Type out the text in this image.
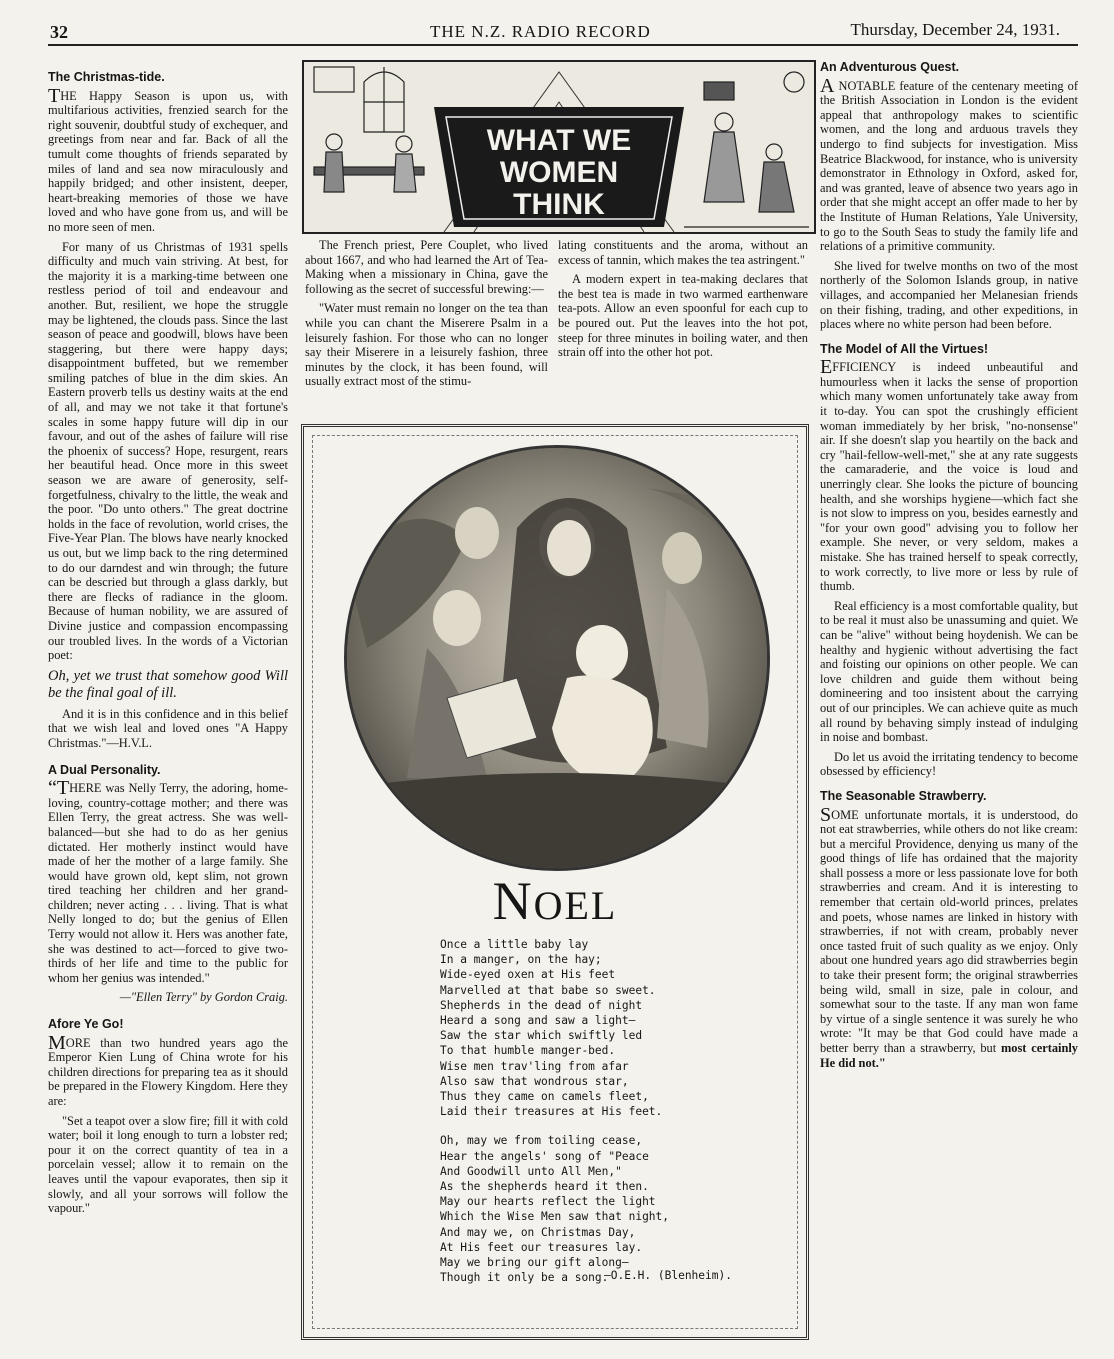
32	THE N.Z. RADIO RECORD	Thursday, December 24, 1931.
The Christmas-tide.

THE Happy Season is upon us, with multifarious activities, frenzied search for the right souvenir, doubtful study of exchequer, and greetings from near and far. Back of all the tumult come thoughts of friends separated by miles of land and sea now miraculously and happily bridged; and other insistent, deeper, heart-breaking memories of those we have loved and who have gone from us, and will be no more seen of men.

For many of us Christmas of 1931 spells difficulty and much vain striving. At best, for the majority it is a marking-time between one restless period of toil and endeavour and another. But, resilient, we hope the struggle may be lightened, the clouds pass. Since the last season of peace and goodwill, blows have been staggering, but there were happy days; disappointment buffeted, but we remember smiling patches of blue in the dim skies. An Eastern proverb tells us destiny waits at the end of all, and may we not take it that fortune's scales in some happy future will dip in our favour, and out of the ashes of failure will rise the phoenix of success? Hope, resurgent, rears her beautiful head. Once more in this sweet season we are aware of generosity, self-forgetfulness, chivalry to the little, the weak and the poor. "Do unto others." The great doctrine holds in the face of revolution, world crises, the Five-Year Plan. The blows have nearly knocked us out, but we limp back to the ring determined to do our darndest and win through; the future can be descried but through a glass darkly, but there are flecks of radiance in the gloom. Because of human nobility, we are assured of Divine justice and compassion encompassing our troubled lives. In the words of a Victorian poet:

Oh, yet we trust that somehow good Will be the final goal of ill.

And it is in this confidence and in this belief that we wish leal and loved ones "A Happy Christmas."—H.V.L.

A Dual Personality.

“THERE was Nelly Terry, the adoring, home-loving, country-cottage mother; and there was Ellen Terry, the great actress. She was well-balanced—but she had to do as her genius dictated. Her motherly instinct would have made of her the mother of a large family. She would have grown old, kept slim, not grown tired teaching her children and her grand-children; never acting . . . living. That is what Nelly longed to do; but the genius of Ellen Terry would not allow it. Hers was another fate, she was destined to act—forced to give two-thirds of her life and time to the public for whom her genius was intended."

—"Ellen Terry" by Gordon Craig.

Afore Ye Go!

MORE than two hundred years ago the Emperor Kien Lung of China wrote for his children directions for preparing tea as it should be prepared in the Flowery Kingdom. Here they are:

"Set a teapot over a slow fire; fill it with cold water; boil it long enough to turn a lobster red; pour it on the correct quantity of tea in a porcelain vessel; allow it to remain on the leaves until the vapour evaporates, then sip it slowly, and all your sorrows will follow the vapour."

WHAT WE
WOMEN
THINK

The French priest, Pere Couplet, who lived about 1667, and who had learned the Art of Tea-Making when a missionary in China, gave the following as the secret of successful brewing:—

"Water must remain no longer on the tea than while you can chant the Miserere Psalm in a leisurely fashion. For those who can no longer say their Miserere in a leisurely fashion, three minutes by the clock, it has been found, will usually extract most of the stimu-

lating constituents and the aroma, without an excess of tannin, which makes the tea astringent."

A modern expert in tea-making declares that the best tea is made in two warmed earthenware tea-pots. Allow an even spoonful for each cup to be poured out. Put the leaves into the hot pot, steep for three minutes in boiling water, and then strain off into the other hot pot.

NOEL
Once a little baby lay
In a manger, on the hay;
Wide-eyed oxen at His feet
Marvelled at that babe so sweet.
Shepherds in the dead of night
Heard a song and saw a light—
Saw the star which swiftly led
To that humble manger-bed.
Wise men trav'ling from afar
Also saw that wondrous star,
Thus they came on camels fleet,
Laid their treasures at His feet.
Oh, may we from toiling cease,
Hear the angels' song of "Peace
And Goodwill unto All Men,"
As the shepherds heard it then.
May our hearts reflect the light
Which the Wise Men saw that night,
And may we, on Christmas Day,
At His feet our treasures lay.
May we bring our gift along—
Though it only be a song.
—O.E.H. (Blenheim).
An Adventurous Quest.

A NOTABLE feature of the centenary meeting of the British Association in London is the evident appeal that anthropology makes to scientific women, and the long and arduous travels they undergo to find subjects for investigation. Miss Beatrice Blackwood, for instance, who is university demonstrator in Ethnology in Oxford, asked for, and was granted, leave of absence two years ago in order that she might accept an offer made to her by the Institute of Human Relations, Yale University, to go to the South Seas to study the family life and relations of a primitive community.

She lived for twelve months on two of the most northerly of the Solomon Islands group, in native villages, and accompanied her Melanesian friends on their fishing, trading, and other expeditions, in places where no white person had been before.

The Model of All the Virtues!

EFFICIENCY is indeed unbeautiful and humourless when it lacks the sense of proportion which many women unfortunately take away from it to-day. You can spot the crushingly efficient woman immediately by her brisk, "no-nonsense" air. If she doesn't slap you heartily on the back and cry "hail-fellow-well-met," she at any rate suggests the camaraderie, and the voice is loud and unerringly clear. She looks the picture of bouncing health, and she worships hygiene—which fact she is not slow to impress on you, besides earnestly and "for your own good" advising you to follow her example. She never, or very seldom, makes a mistake. She has trained herself to speak correctly, to work correctly, to live more or less by rule of thumb.

Real efficiency is a most comfortable quality, but to be real it must also be unassuming and quiet. We can be "alive" without being hoydenish. We can be healthy and hygienic without advertising the fact and foisting our opinions on other people. We can love children and guide them without being domineering and too insistent about the carrying out of our principles. We can achieve quite as much all round by behaving simply instead of indulging in noise and bombast.

Do let us avoid the irritating tendency to become obsessed by efficiency!

The Seasonable Strawberry.

SOME unfortunate mortals, it is understood, do not eat strawberries, while others do not like cream: but a merciful Providence, denying us many of the good things of life has ordained that the majority shall possess a more or less passionate love for both strawberries and cream. And it is interesting to remember that certain old-world princes, prelates and poets, whose names are linked in history with strawberries, if not with cream, probably never once tasted fruit of such quality as we enjoy. Only about one hundred years ago did strawberries begin to take their present form; the original strawberries being wild, small in size, pale in colour, and somewhat sour to the taste. If any man won fame by virtue of a single sentence it was surely he who wrote: "It may be that God could have made a better berry than a strawberry, but most certainly He did not."
